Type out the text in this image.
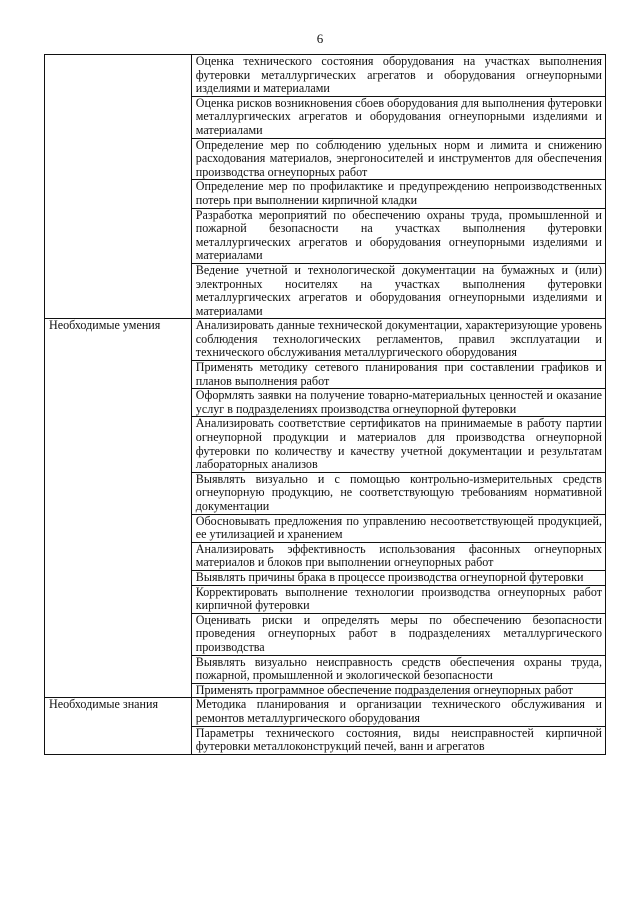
6

	Оценка технического состояния оборудования на участках выполнения футеровки металлургических агрегатов и оборудования огнеупорными изделиями и материалами

	Оценка рисков возникновения сбоев оборудования для выполнения футеровки металлургических агрегатов и оборудования огнеупорными изделиями и материалами

	Определение мер по соблюдению удельных норм и лимита и снижению расходования материалов, энергоносителей и инструментов для обеспечения производства огнеупорных работ

	Определение мер по профилактике и предупреждению непроизводственных потерь при выполнении кирпичной кладки

	Разработка мероприятий по обеспечению охраны труда, промышленной и пожарной безопасности на участках выполнения футеровки металлургических агрегатов и оборудования огнеупорными изделиями и материалами

	Ведение учетной и технологической документации на бумажных и (или) электронных носителях на участках выполнения футеровки металлургических агрегатов и оборудования огнеупорными изделиями и материалами

Необходимые умения	Анализировать данные технической документации, характеризующие уровень соблюдения технологических регламентов, правил эксплуатации и технического обслуживания металлургического оборудования

	Применять методику сетевого планирования при составлении графиков и планов выполнения работ

	Оформлять заявки на получение товарно-материальных ценностей и оказание услуг в подразделениях производства огнеупорной футеровки

	Анализировать соответствие сертификатов на принимаемые в работу партии огнеупорной продукции и материалов для производства огнеупорной футеровки по количеству и качеству учетной документации и результатам лабораторных анализов

	Выявлять визуально и с помощью контрольно-измерительных средств огнеупорную продукцию, не соответствующую требованиям нормативной документации

	Обосновывать предложения по управлению несоответствующей продукцией, ее утилизацией и хранением

	Анализировать эффективность использования фасонных огнеупорных материалов и блоков при выполнении огнеупорных работ

	Выявлять причины брака в процессе производства огнеупорной футеровки

	Корректировать выполнение технологии производства огнеупорных работ кирпичной футеровки

	Оценивать риски и определять меры по обеспечению безопасности проведения огнеупорных работ в подразделениях металлургического производства

	Выявлять визуально неисправность средств обеспечения охраны труда, пожарной, промышленной и экологической безопасности

	Применять программное обеспечение подразделения огнеупорных работ

Необходимые знания	Методика планирования и организации технического обслуживания и ремонтов металлургического оборудования

	Параметры технического состояния, виды неисправностей кирпичной футеровки металлоконструкций печей, ванн и агрегатов
